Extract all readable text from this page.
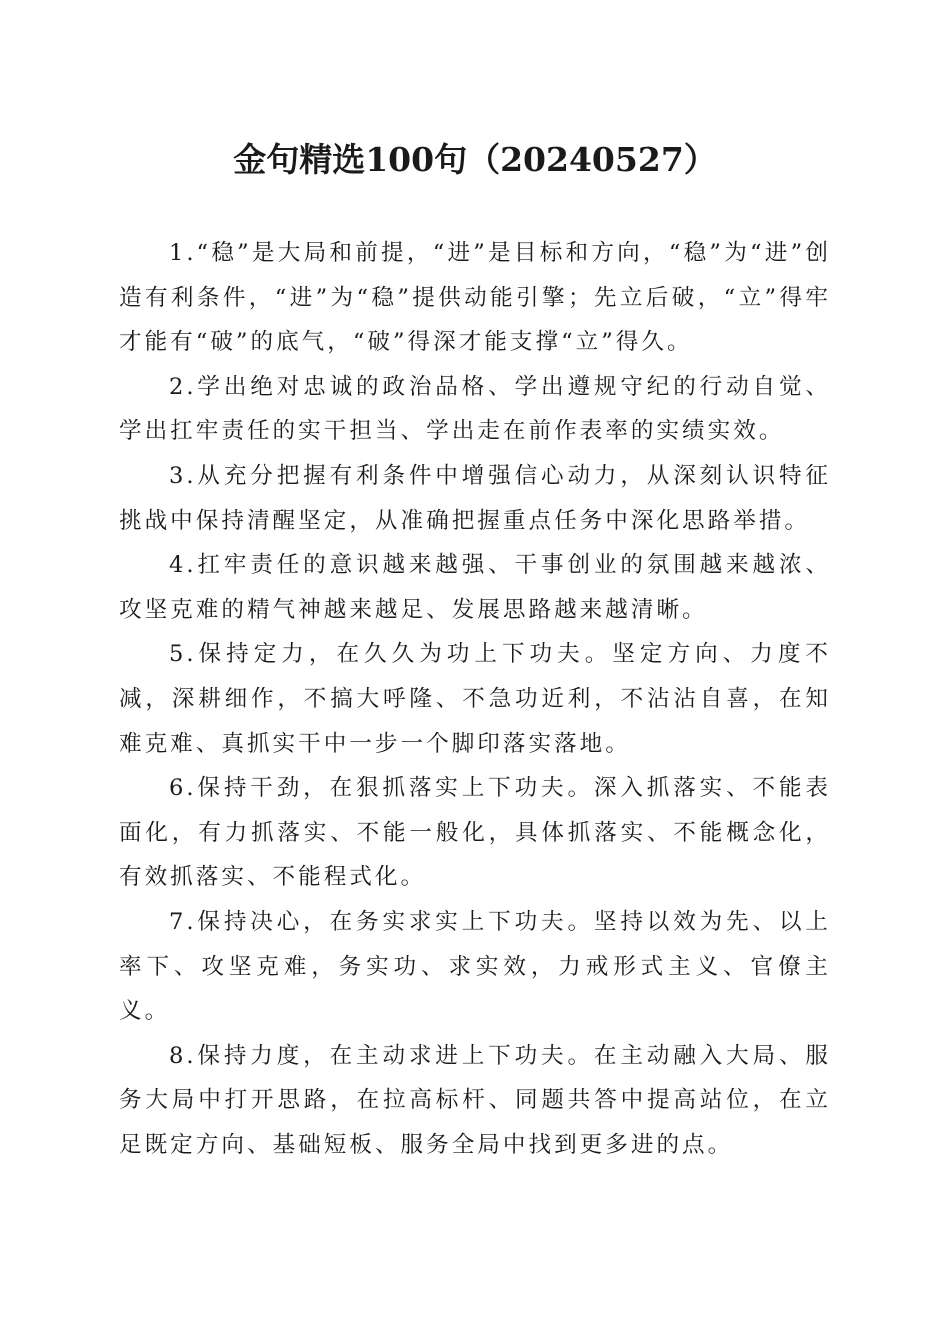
金句精选100句（20240527）

1.“稳”是大局和前提，“进”是目标和方向，“稳”为“进”创造有利条件，“进”为“稳”提供动能引擎；先立后破，“立”得牢才能有“破”的底气，“破”得深才能支撑“立”得久。

2.学出绝对忠诚的政治品格、学出遵规守纪的行动自觉、学出扛牢责任的实干担当、学出走在前作表率的实绩实效。

3.从充分把握有利条件中增强信心动力，从深刻认识特征挑战中保持清醒坚定，从准确把握重点任务中深化思路举措。

4.扛牢责任的意识越来越强、干事创业的氛围越来越浓、攻坚克难的精气神越来越足、发展思路越来越清晰。

5.保持定力，在久久为功上下功夫。坚定方向、力度不减，深耕细作，不搞大呼隆、不急功近利，不沾沾自喜，在知难克难、真抓实干中一步一个脚印落实落地。

6.保持干劲，在狠抓落实上下功夫。深入抓落实、不能表面化，有力抓落实、不能一般化，具体抓落实、不能概念化，有效抓落实、不能程式化。

7.保持决心，在务实求实上下功夫。坚持以效为先、以上率下、攻坚克难，务实功、求实效，力戒形式主义、官僚主义。

8.保持力度，在主动求进上下功夫。在主动融入大局、服务大局中打开思路，在拉高标杆、同题共答中提高站位，在立足既定方向、基础短板、服务全局中找到更多进的点。
